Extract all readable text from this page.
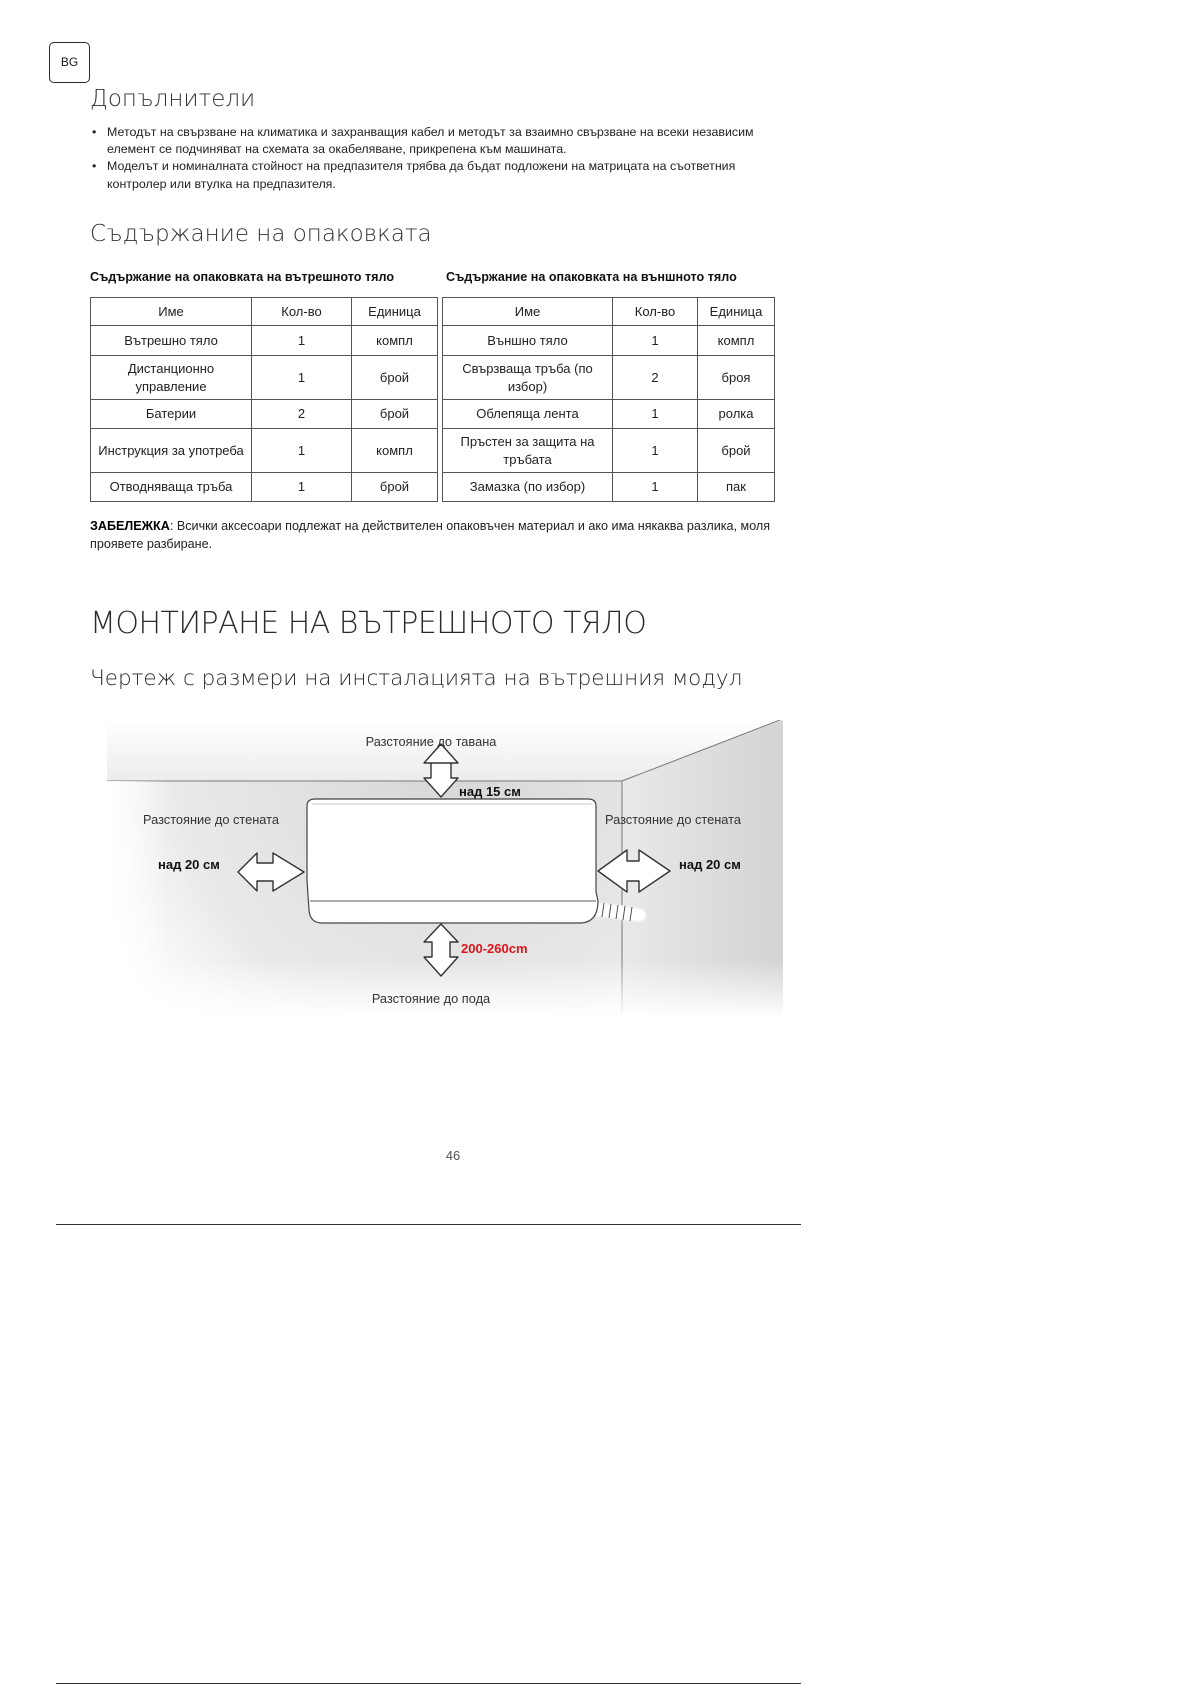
BG
Допълнители
• Методът на свързване на климатика и захранващия кабел и методът за взаимно свързване на всеки независим елемент се подчиняват на схемата за окабеляване, прикрепена към машината.
• Моделът и номиналната стойност на предпазителя трябва да бъдат подложени на матрицата на съответния контролер или втулка на предпазителя.
Съдържание на опаковката
Съдържание на опаковката на вътрешното тяло	Съдържание на опаковката на външното тяло
Име	Кол-во	Единица
Вътрешно тяло	1	компл
Дистанционно управление	1	брой
Батерии	2	брой
Инструкция за употреба	1	компл
Отводняваща тръба	1	брой
Име	Кол-во	Единица
Външно тяло	1	компл
Свързваща тръба (по избор)	2	броя
Облепяща лента	1	ролка
Пръстен за защита на тръбата	1	брой
Замазка (по избор)	1	пак
ЗАБЕЛЕЖКА: Всички аксесоари подлежат на действителен опаковъчен материал и ако има някаква разлика, моля проявете разбиране.
МОНТИРАНЕ НА ВЪТРЕШНОТО ТЯЛО
Чертеж с размери на инсталацията на вътрешния модул
Разстояние до тавана
над 15 см
Разстояние до стената
над 20 см
Разстояние до стената
над 20 см
200-260cm
Разстояние до пода
46
